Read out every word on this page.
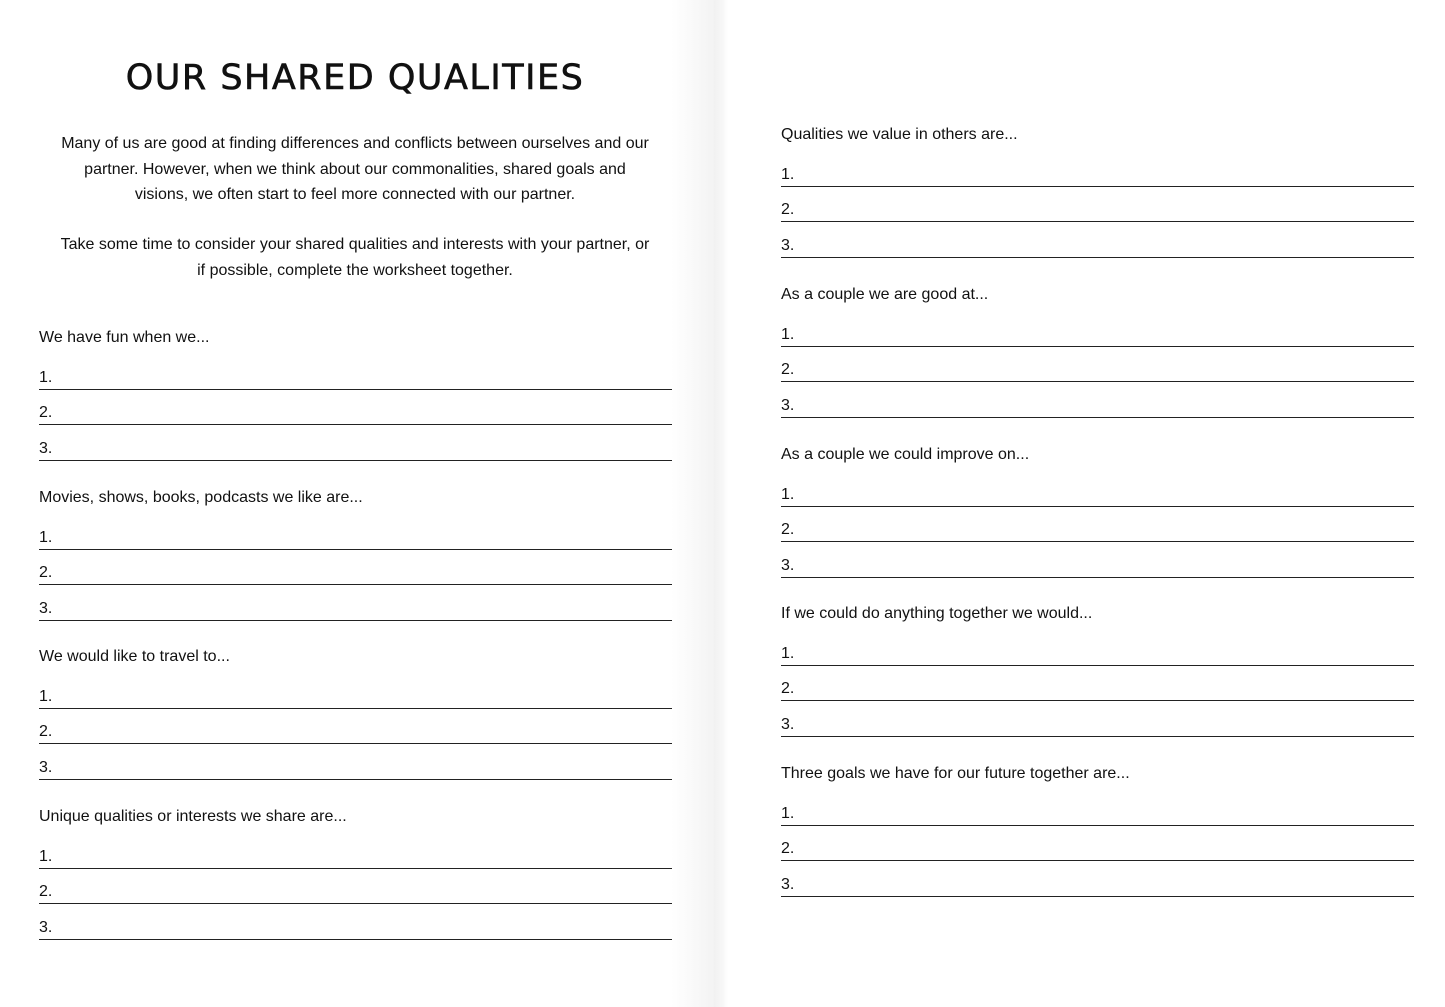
OUR SHARED QUALITIES

Many of us are good at finding differences and conflicts between ourselves and our partner. However, when we think about our commonalities, shared goals and visions, we often start to feel more connected with our partner.

Take some time to consider your shared qualities and interests with your partner, or if possible, complete the worksheet together.

We have fun when we...

1.
2.
3.

Movies, shows, books, podcasts we like are...

1.
2.
3.

We would like to travel to...

1.
2.
3.

Unique qualities or interests we share are...

1.
2.
3.

Qualities we value in others are...

1.
2.
3.

As a couple we are good at...

1.
2.
3.

As a couple we could improve on...

1.
2.
3.

If we could do anything together we would...

1.
2.
3.

Three goals we have for our future together are...

1.
2.
3.
